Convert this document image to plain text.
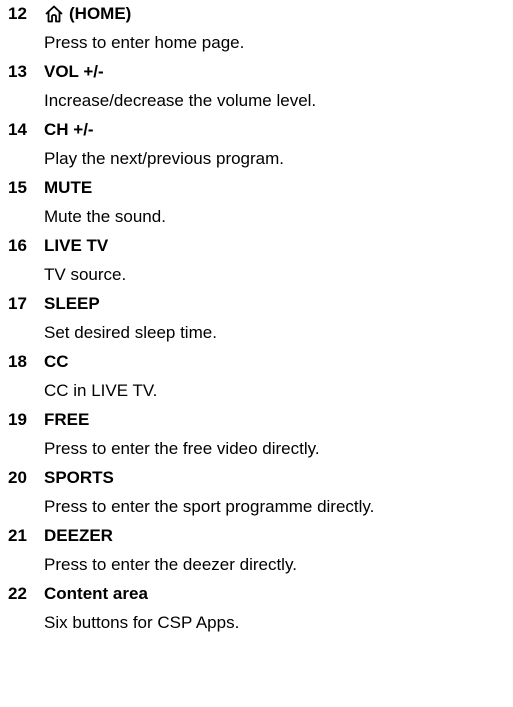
12 (HOME)
Press to enter home page.
13 VOL +/-
Increase/decrease the volume level.
14 CH +/-
Play the next/previous program.
15 MUTE
Mute the sound.
16 LIVE TV
TV source.
17 SLEEP
Set desired sleep time.
18 CC
CC in LIVE TV.
19 FREE
Press to enter the free video directly.
20 SPORTS
Press to enter the sport programme directly.
21 DEEZER
Press to enter the deezer directly.
22 Content area
Six buttons for CSP Apps.
